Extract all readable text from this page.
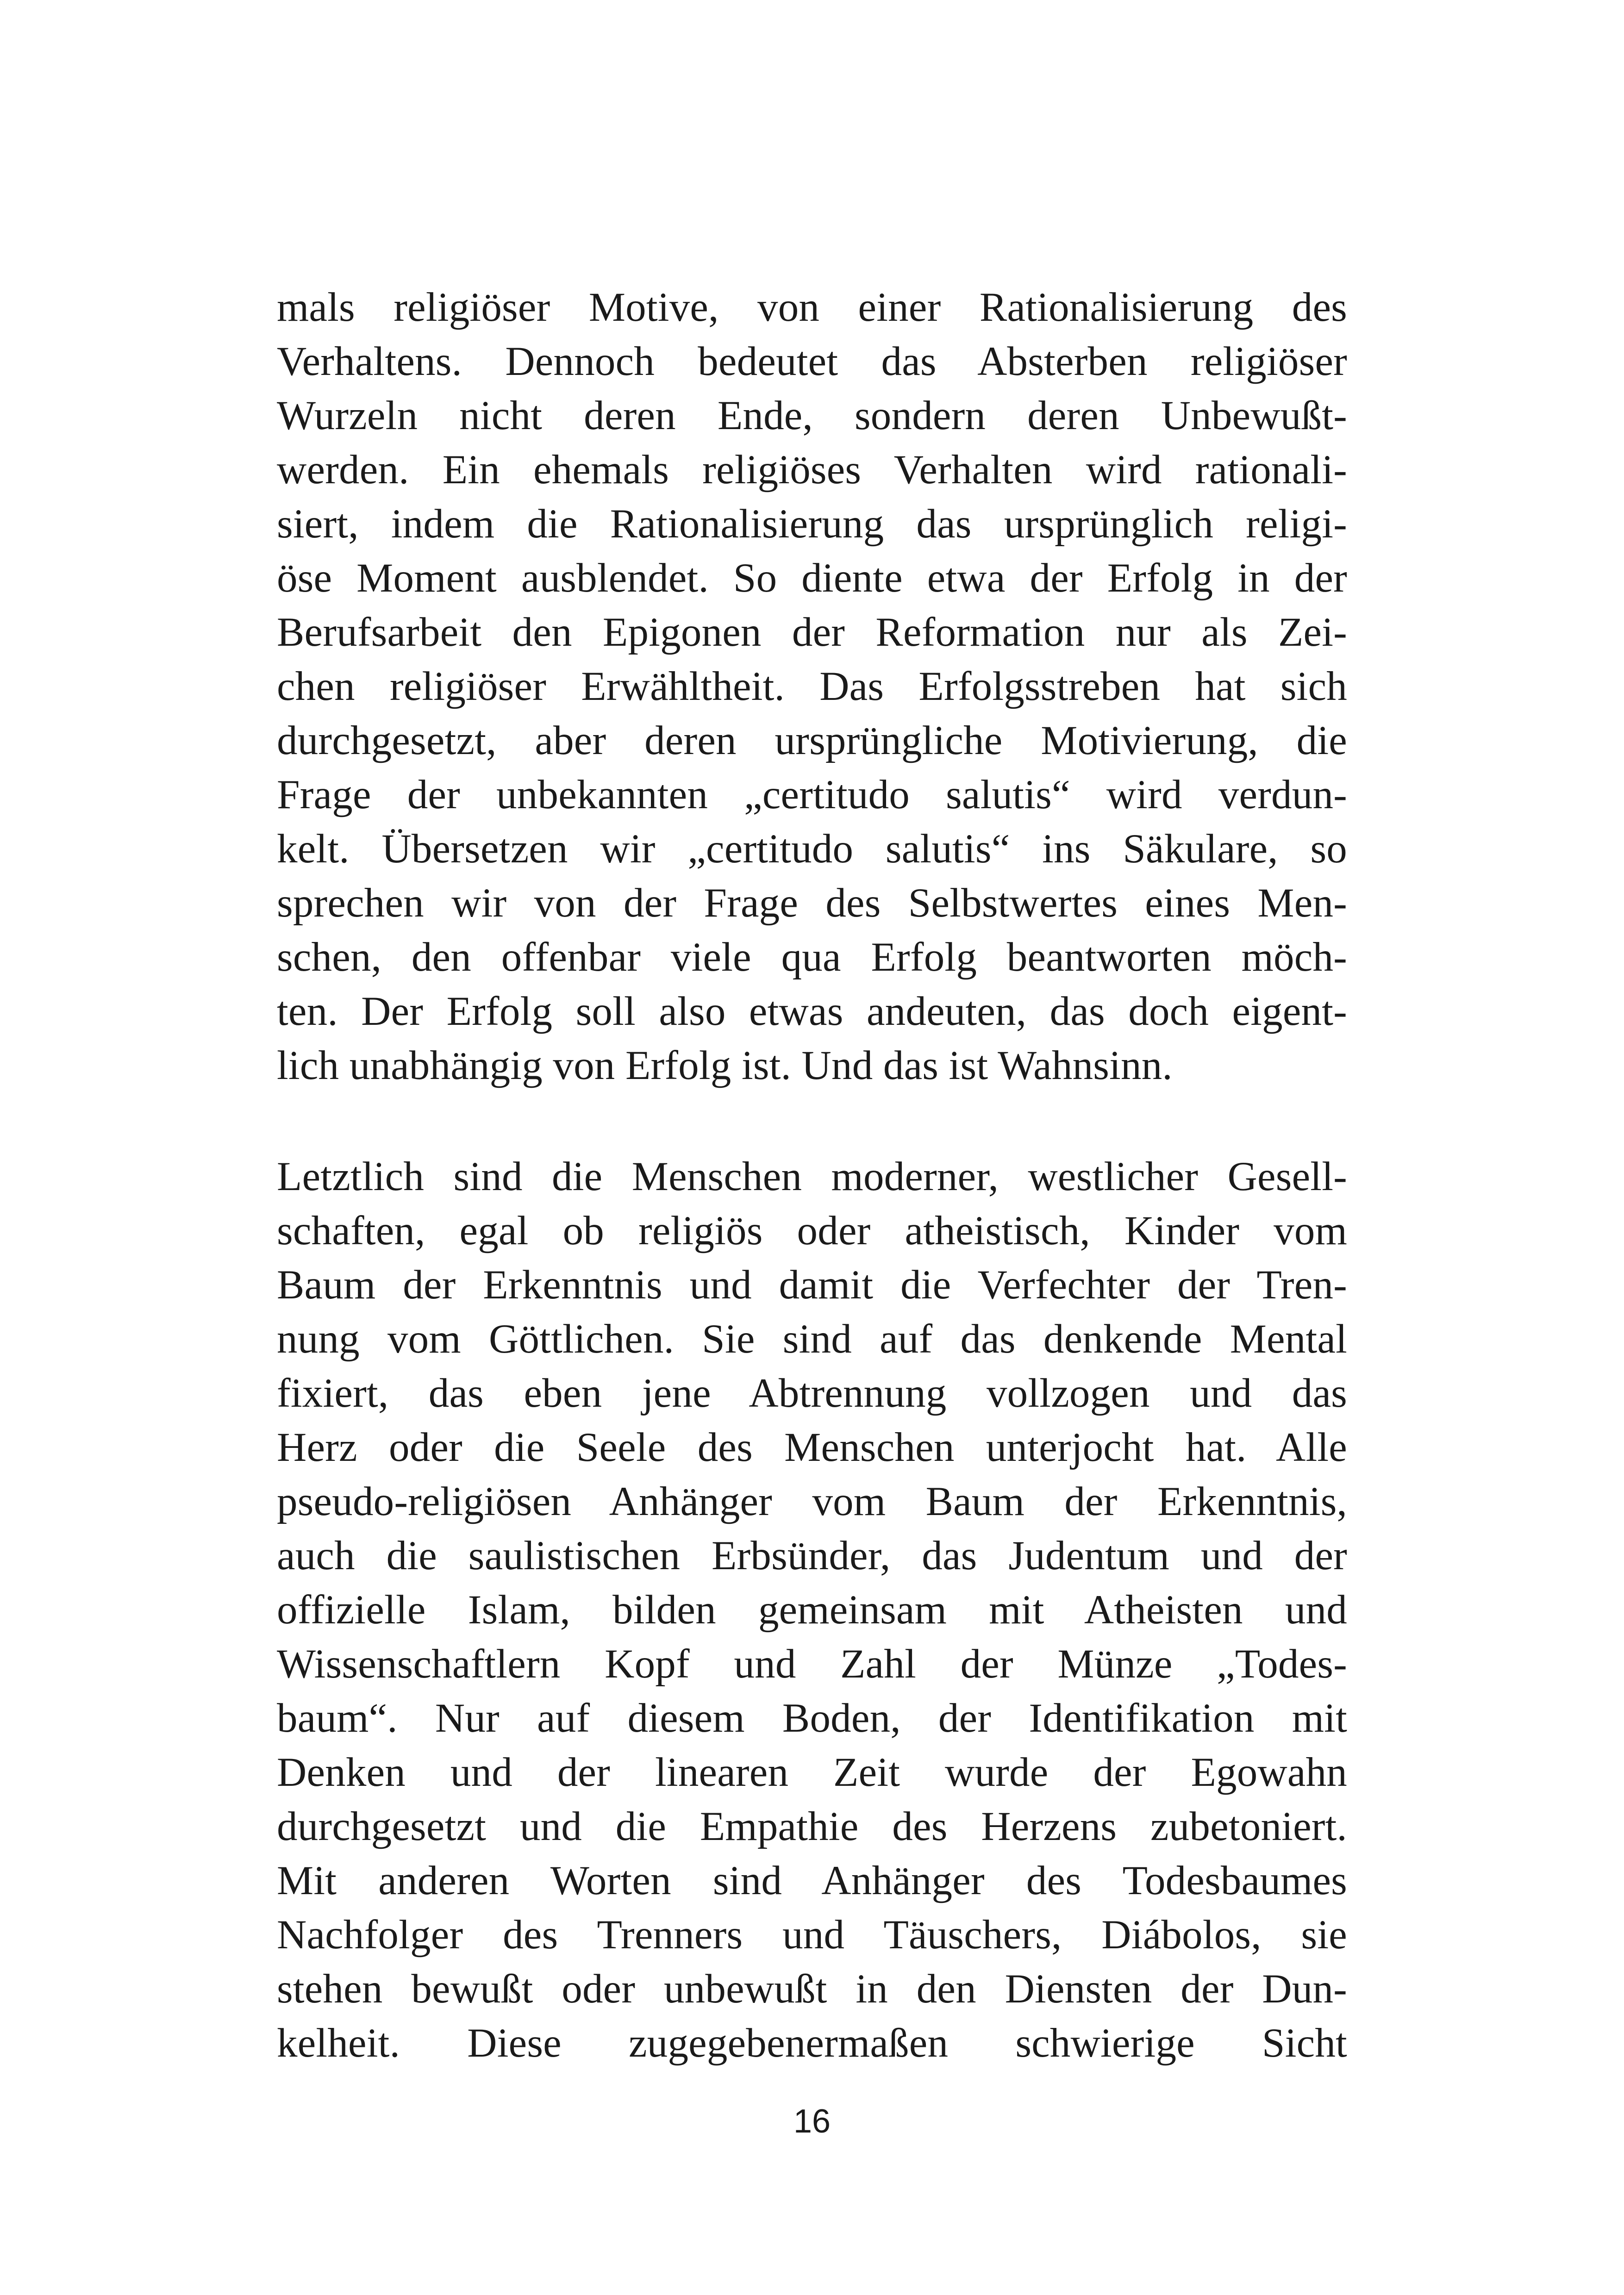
mals religiöser Motive, von einer Rationalisierung des
Verhaltens. Dennoch bedeutet das Absterben religiöser
Wurzeln nicht deren Ende, sondern deren Unbewußt-
werden. Ein ehemals religiöses Verhalten wird rationali-
siert, indem die Rationalisierung das ursprünglich religi-
öse Moment ausblendet. So diente etwa der Erfolg in der
Berufsarbeit den Epigonen der Reformation nur als Zei-
chen religiöser Erwähltheit. Das Erfolgsstreben hat sich
durchgesetzt, aber deren ursprüngliche Motivierung, die
Frage der unbekannten „certitudo salutis“ wird verdun-
kelt. Übersetzen wir „certitudo salutis“ ins Säkulare, so
sprechen wir von der Frage des Selbstwertes eines Men-
schen, den offenbar viele qua Erfolg beantworten möch-
ten. Der Erfolg soll also etwas andeuten, das doch eigent-
lich unabhängig von Erfolg ist. Und das ist Wahnsinn.
Letztlich sind die Menschen moderner, westlicher Gesell-
schaften, egal ob religiös oder atheistisch, Kinder vom
Baum der Erkenntnis und damit die Verfechter der Tren-
nung vom Göttlichen. Sie sind auf das denkende Mental
fixiert, das eben jene Abtrennung vollzogen und das
Herz oder die Seele des Menschen unterjocht hat. Alle
pseudo-religiösen Anhänger vom Baum der Erkenntnis,
auch die saulistischen Erbsünder, das Judentum und der
offizielle Islam, bilden gemeinsam mit Atheisten und
Wissenschaftlern Kopf und Zahl der Münze „Todes-
baum“. Nur auf diesem Boden, der Identifikation mit
Denken und der linearen Zeit wurde der Egowahn
durchgesetzt und die Empathie des Herzens zubetoniert.
Mit anderen Worten sind Anhänger des Todesbaumes
Nachfolger des Trenners und Täuschers, Diábolos, sie
stehen bewußt oder unbewußt in den Diensten der Dun-
kelheit. Diese zugegebenermaßen schwierige Sicht
16
